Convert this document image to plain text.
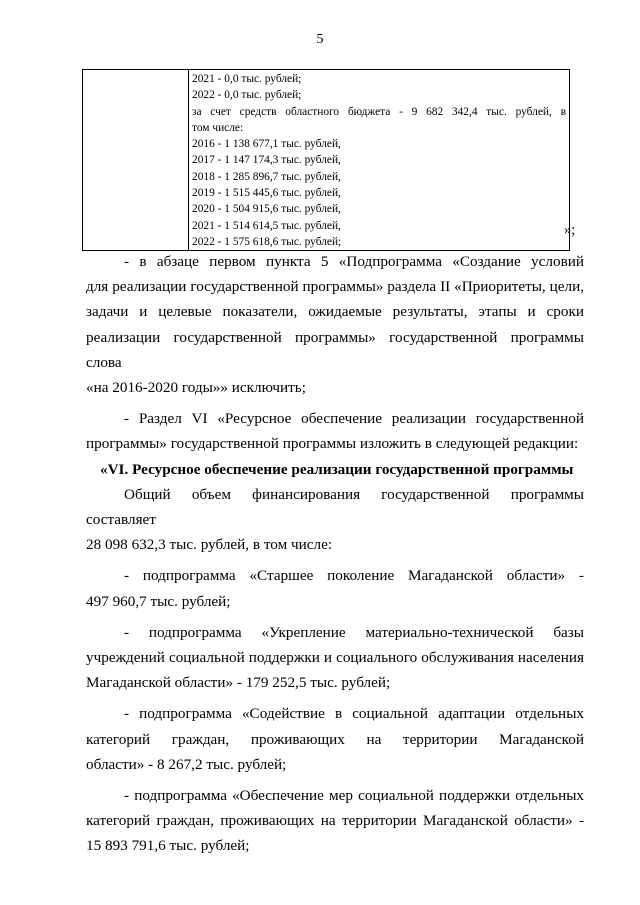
5

2021 - 0,0 тыс. рублей;
2022 - 0,0 тыс. рублей;
за счет средств областного бюджета - 9 682 342,4 тыс. рублей, в
том числе:
2016 - 1 138 677,1 тыс. рублей,
2017 - 1 147 174,3 тыс. рублей,
2018 - 1 285 896,7 тыс. рублей,
2019 - 1 515 445,6 тыс. рублей,
2020 - 1 504 915,6 тыс. рублей,
2021 - 1 514 614,5 тыс. рублей,
2022 - 1 575 618,6 тыс. рублей;
»;
- в абзаце первом пункта 5 «Подпрограмма «Создание условий
для реализации государственной программы» раздела II «Приоритеты, цели,
задачи и целевые показатели, ожидаемые результаты, этапы и сроки
реализации государственной программы» государственной программы слова
«на 2016-2020 годы»» исключить;
- Раздел VI «Ресурсное обеспечение реализации государственной
программы» государственной программы изложить в следующей редакции:
«VI. Ресурсное обеспечение реализации государственной программы
Общий объем финансирования государственной программы составляет
28 098 632,3 тыс. рублей, в том числе:
- подпрограмма «Старшее поколение Магаданской области» -
497 960,7 тыс. рублей;
- подпрограмма «Укрепление материально-технической базы
учреждений социальной поддержки и социального обслуживания населения
Магаданской области» - 179 252,5 тыс. рублей;
- подпрограмма «Содействие в социальной адаптации отдельных
категорий граждан, проживающих на территории Магаданской
области» - 8 267,2 тыс. рублей;
- подпрограмма «Обеспечение мер социальной поддержки отдельных
категорий граждан, проживающих на территории Магаданской области» -
15 893 791,6 тыс. рублей;
